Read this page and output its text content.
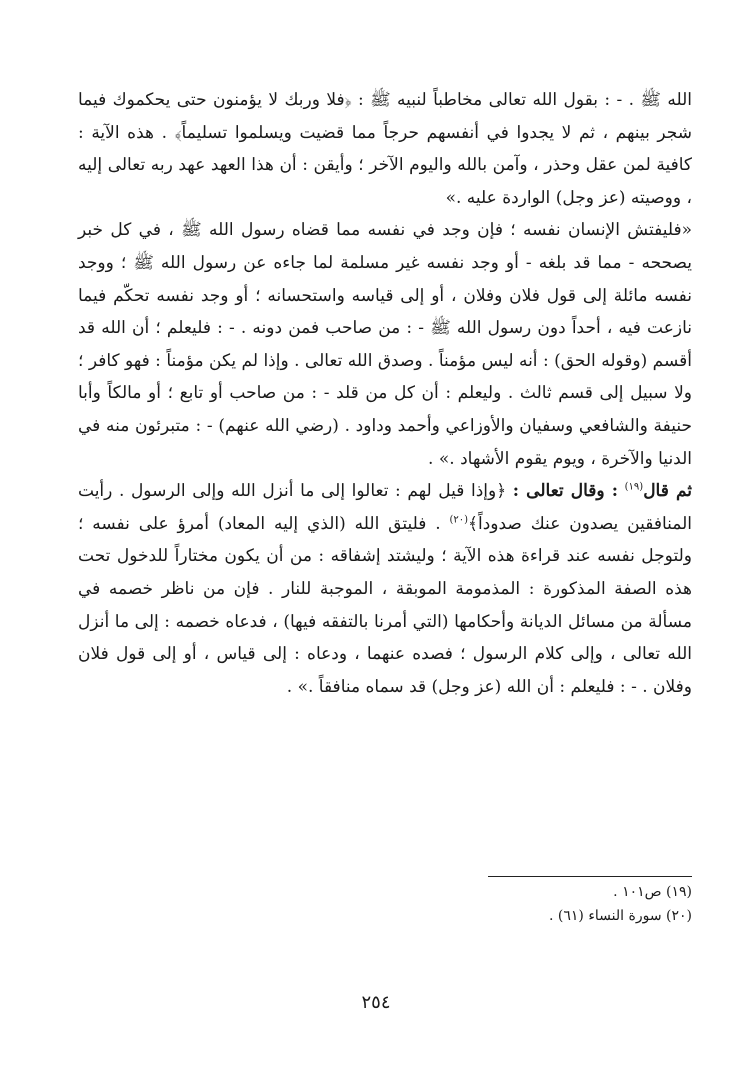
الله ﷺ . - : بقول الله تعالى مخاطباً لنبيه ﷺ : ﴿فلا وربك لا يؤمنون حتى يحكموك فيما شجر بينهم ، ثم لا يجدوا في أنفسهم حرجاً مما قضيت ويسلموا تسليماً﴾ . هذه الآية : كافية لمن عقل وحذر ، وآمن بالله واليوم الآخر ؛ وأيقن : أن هذا العهد عهد ربه تعالى إليه ، ووصيته (عز وجل) الواردة عليه .»

«فليفتش الإنسان نفسه ؛ فإن وجد في نفسه مما قضاه رسول الله ﷺ ، في كل خبر يصححه - مما قد بلغه - أو وجد نفسه غير مسلمة لما جاءه عن رسول الله ﷺ ؛ ووجد نفسه مائلة إلى قول فلان وفلان ، أو إلى قياسه واستحسانه ؛ أو وجد نفسه تحكّم فيما نازعت فيه ، أحداً دون رسول الله ﷺ - : من صاحب فمن دونه . - : فليعلم ؛ أن الله قد أقسم (وقوله الحق) : أنه ليس مؤمناً . وصدق الله تعالى . وإذا لم يكن مؤمناً : فهو كافر ؛ ولا سبيل إلى قسم ثالث . وليعلم : أن كل من قلد - : من صاحب أو تابع ؛ أو مالكاً وأبا حنيفة والشافعي وسفيان والأوزاعي وأحمد وداود . (رضي الله عنهم) - : متبرئون منه في الدنيا والآخرة ، ويوم يقوم الأشهاد .» .

ثم قال$^{(١٩)}$ : وقال تعالى : ﴿وإذا قيل لهم : تعالوا إلى ما أنزل الله وإلى الرسول . رأيت المنافقين يصدون عنك صدوداً﴾$^{(٢٠)}$ . فليتق الله (الذي إليه المعاد) أمرؤ على نفسه ؛ ولتوجل نفسه عند قراءة هذه الآية ؛ وليشتد إشفاقه : من أن يكون مختاراً للدخول تحت هذه الصفة المذكورة : المذمومة الموبقة ، الموجبة للنار . فإن من ناظر خصمه في مسألة من مسائل الديانة وأحكامها (التي أمرنا بالتفقه فيها) ، فدعاه خصمه : إلى ما أنزل الله تعالى ، وإلى كلام الرسول ؛ فصده عنهما ، ودعاه : إلى قياس ، أو إلى قول فلان وفلان . - : فليعلم : أن الله (عز وجل) قد سماه منافقاً .» .

(١٩) ص١٠١ .
(٢٠) سورة النساء (٦١) .
٢٥٤
